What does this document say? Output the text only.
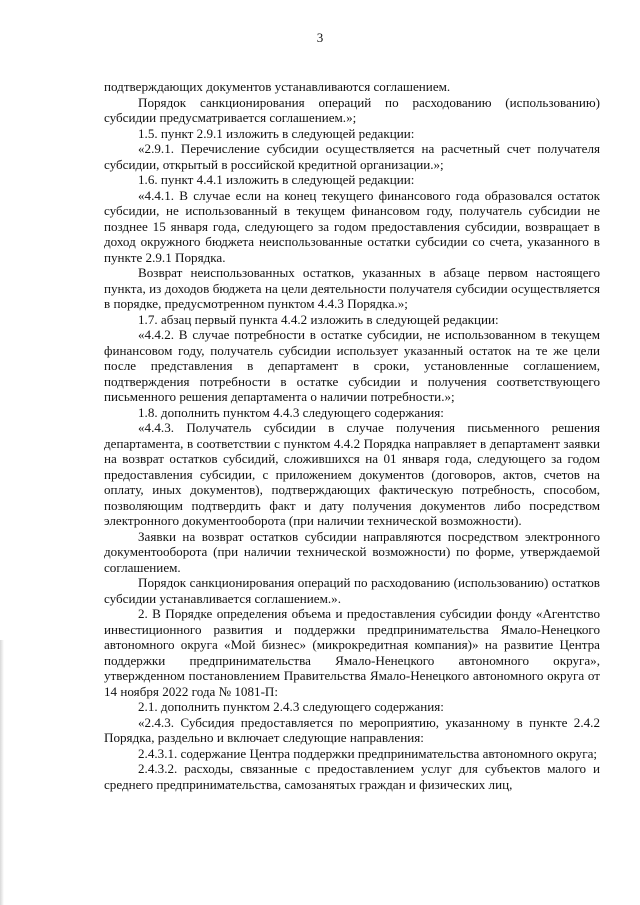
3

подтверждающих документов устанавливаются соглашением.

Порядок санкционирования операций по расходованию (использованию) субсидии предусматривается соглашением.»;

1.5. пункт 2.9.1 изложить в следующей редакции:

«2.9.1. Перечисление субсидии осуществляется на расчетный счет получателя субсидии, открытый в российской кредитной организации.»;

1.6. пункт 4.4.1 изложить в следующей редакции:

«4.4.1. В случае если на конец текущего финансового года образовался остаток субсидии, не использованный в текущем финансовом году, получатель субсидии не позднее 15 января года, следующего за годом предоставления субсидии, возвращает в доход окружного бюджета неиспользованные остатки субсидии со счета, указанного в пункте 2.9.1 Порядка.

Возврат неиспользованных остатков, указанных в абзаце первом настоящего пункта, из доходов бюджета на цели деятельности получателя субсидии осуществляется в порядке, предусмотренном пунктом 4.4.3 Порядка.»;

1.7. абзац первый пункта 4.4.2 изложить в следующей редакции:

«4.4.2. В случае потребности в остатке субсидии, не использованном в текущем финансовом году, получатель субсидии использует указанный остаток на те же цели после представления в департамент в сроки, установленные соглашением, подтверждения потребности в остатке субсидии и получения соответствующего письменного решения департамента о наличии потребности.»;

1.8. дополнить пунктом 4.4.3 следующего содержания:

«4.4.3. Получатель субсидии в случае получения письменного решения департамента, в соответствии с пунктом 4.4.2 Порядка направляет в департамент заявки на возврат остатков субсидий, сложившихся на 01 января года, следующего за годом предоставления субсидии, с приложением документов (договоров, актов, счетов на оплату, иных документов), подтверждающих фактическую потребность, способом, позволяющим подтвердить факт и дату получения документов либо посредством электронного документооборота (при наличии технической возможности).

Заявки на возврат остатков субсидии направляются посредством электронного документооборота (при наличии технической возможности) по форме, утверждаемой соглашением.

Порядок санкционирования операций по расходованию (использованию) остатков субсидии устанавливается соглашением.».

2. В Порядке определения объема и предоставления субсидии фонду «Агентство инвестиционного развития и поддержки предпринимательства Ямало-Ненецкого автономного округа «Мой бизнес» (микрокредитная компания)» на развитие Центра поддержки предпринимательства Ямало-Ненецкого автономного округа», утвержденном постановлением Правительства Ямало-Ненецкого автономного округа от 14 ноября 2022 года № 1081-П:

2.1. дополнить пунктом 2.4.3 следующего содержания:

«2.4.3. Субсидия предоставляется по мероприятию, указанному в пункте 2.4.2 Порядка, раздельно и включает следующие направления:

2.4.3.1. содержание Центра поддержки предпринимательства автономного округа;

2.4.3.2. расходы, связанные с предоставлением услуг для субъектов малого и среднего предпринимательства, самозанятых граждан и физических лиц,
